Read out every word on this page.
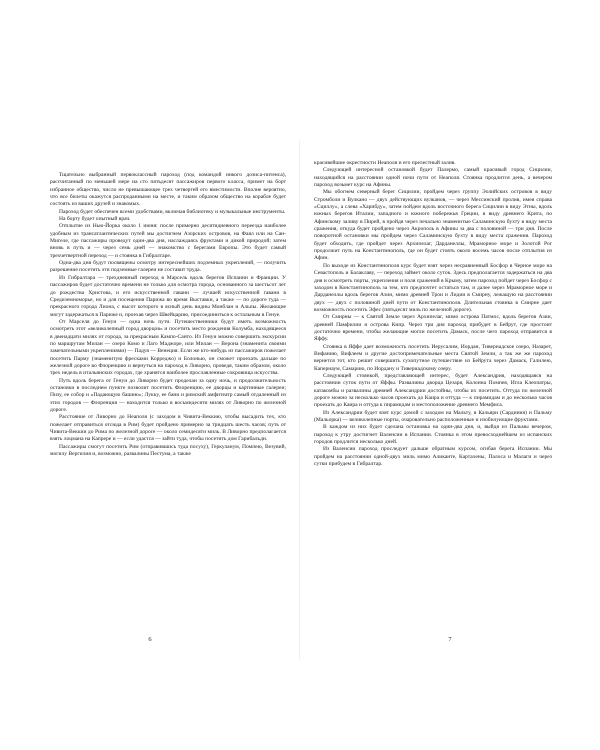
Тщательно выбранный первоклассный пароход (под командой никого дозиса-питенса), рассчитанный по меньшей мере на сто пятьдесят пассажиров первого класса, примет на борт избранное общество, число не превышающее трех четвертей его вместимости. Вполне вероятно, что все билеты окажутся распроданными на месте, и таким образом общество на корабле будет состоять из ваших друзей и знакомых.

Пароход будет обеспечен всеми удобствами, включая библиотеку и музыкальные инструменты.

На борту будет опытный врач.

Отплытие из Нью-Йорка около 1 июня: после примерно десятидневного переезда наиболее удобным из трансатлантических путей мы достигнем Азорских островов, на Фаял или на Сан-Мигеле, где пассажиры проведут один-два дня, наслаждаясь фруктами и дикой природой; затем вновь в путь и — через семь дней — знакомство с берегами Европы. Это будет самый трехчетвертной переход — и стоянка в Гибралтаре.

Одна-два дня будут посвящены осмотру интереснейших подземных укреплений, — получить разрешение посетить эти подземные галереи не составит труда.

Из Гибралтара — трехдневный переход в Марсель вдоль берегов Испании и Франции. У пассажиров будет достаточно времени не только для осмотра города, основанного за шестьсот лет до рождества Христова, и его искусственной гавани — лучшей искусственной гавани в Средиземноморье, но и для посещения Парижа во время Выставки, а также — по дороге туда — прекрасного города Лиона, с высот которого в ясный день видны Монблан и Альпы. Желающие могут задержаться в Париже и, проехав через Швейцарию, присоединиться к остальным в Генуе.

От Марселя до Генуи — одна ночь пути. Путешественники будут иметь возможность осмотреть этот «великолепный город дворцов» и посетить место рождения Колумба, находящееся в двенадцати милях от города, за прекрасным Кампо-Санто. Из Генуи можно совершить экскурсии по маршрутам Милан — озеро Комо и Лаго Маджоре, или Милан — Верона (знаменита своими замечательными укреплениями) — Падуя — Венеция. Если же кто-нибудь из пассажиров пожелает посетить Парму (знаменитую фресками Корреджо) и Болонью, он сможет проехать дальше по железной дороге во Флоренцию и вернуться на пароход в Ливорно, проведя, таким образом, около трех недель в итальянских городах, где хранятся наиболее прославленные сокровища искусства.

Путь вдоль берега от Генуи до Ливорно будет проделан за одну ночь, и продолжительность остановки в последнем пункте позволит посетить Флоренцию, ее дворцы и картинные галереи; Пизу, ее собор и «Падающую башню»; Лукку, ее бани и римский амфитеатр самый отдаленный из этих городов — Флоренция — находится только в восьмидесяти милях от Ливорно по железной дороге.

Расстояние от Ливорно до Неаполя (с заходом в Чивита-Веккию, чтобы высадить тех, кто пожелает отправиться отсюда в Рим) будет пройдено примерно за тридцать шесть часов; путь от Чивита-Веккии до Рима по железной дороге — около семидесяти миль. В Ливорно предполагается взять лоцмана на Капрере и — если удастся — зайти туда, чтобы посетить дом Гарибальди.

Пассажиры смогут посетить Рим (отправившись туда посуху), Геркуланум, Помпею, Везувий, могилу Вергилия и, возможно, развалины Пестума, а также

6

красивейшие окрестности Неаполя и его прелестный залив.

Следующей интересной остановкой будет Палермо, самый красивый город Сицилии, находящийся на расстоянии одной ночи пути от Неаполя. Стоянка продлится день, а вечером пароход возьмет курс на Афины.

Мы обогнем северный берег Сицилии, пройдем через группу Эолийских островов в виду Стромболи и Вулкано — двух действующих вулканов, — через Мессинский пролив, имея справа «Сциллу», а слева «Харибду», затем пойдем вдоль восточного берега Сицилии в виду Этны, вдоль южных берегов Италии, западного и южного побережья Греции, в виду древнего Крита, по Афинскому заливу в Пирей, в пройдя через печально знаменитые Саламинскую бухту в виду места сражения, откуда будет пройдено через Акрополь в Афины за два с половиной — три дня. После поворотной остановки мы пройдем через Саламинскую бухту в виду места сражения. Пароход будет обходить, где пройдет через Архипелаг, Дарданеллы, Мраморное море и Золотой Рог продолжит путь на Константинополь, где он будет стоять около восемь часов после отплытия из Афин.

По выходе из Константинополя курс будет взят через несравненный Босфор в Черное море на Севастополь и Балаклаву, — переход займет около суток. Здесь предполагается задержаться на два дня и осмотреть порты, укрепления и поля сражений в Крыму, затем пароход пойдет через Босфор с заходом в Константинополь за тем, кто предпочтет остаться там, и далее через Мраморное море и Дарданеллы вдоль берегов Азии, мимо древней Трои и Лидии в Смирну, лежащую на расстоянии двух — двух с половиной дней пути от Константинополя. Длительная стоянка в Смирне дает возможность посетить Эфес (пятьдесят миль по железной дороге).

От Смирны — к Святой Земле через Архипелаг, мимо острова Патмос, вдоль берегов Азии, древней Памфилии и острова Кипр. Через три дня пароход прибудет в Бейрут, где простоит достаточно времени, чтобы желающие могли посетить Дамаск, после чего пароход отправится в Яффу.

Стоянка в Яффе дает возможность посетить Иерусалим, Иордан, Тивериадское озеро, Назарет, Вифанию, Вифлеем и другие достопримечательные места Святой Земли, а так же же пароход вернется тот, кто решит совершить сухопутное путешествие из Бейрута через Дамаск, Галилею, Капернаум, Самарию, по Иордану и Тивериадскому озеру.

Следующей стоянкой, представляющей интерес, будет Александрия, находящаяся на расстоянии суток пути от Яффы. Развалины дворца Цезаря, Колонна Помпея, Игла Клеопатры, катакомбы и развалины древней Александрии достойны, чтобы их посетить. Оттуда по железной дороге можно за несколько часов проехать до Каира и оттуда — к пирамидам и до несколько часов проехать до Каира и оттуда к пирамидам и местоположение древнего Мемфиса.

Из Александрии будет взят курс домой с заходом на Мальту, в Кальяри (Сардиния) и Пальму (Мальорка) — великолепные порты, очаровательно расположенные и изобилующие фруктами.

В каждом из них будет сделана остановка на один-два дня, и, выйдя из Пальмы вечером, пароход к утру достигнет Валенсии в Испании. Стоянка в этом превосходнейшем из испанских городов продлится несколько дней.

Из Валенсии пароход проследует дальше обратным курсом, огибая берега Испании. Мы пройдем на расстоянии одной-двух миль мимо Аликанте, Картахены, Палоса и Малаги и через сутки прибудем в Гибралтар.

7
